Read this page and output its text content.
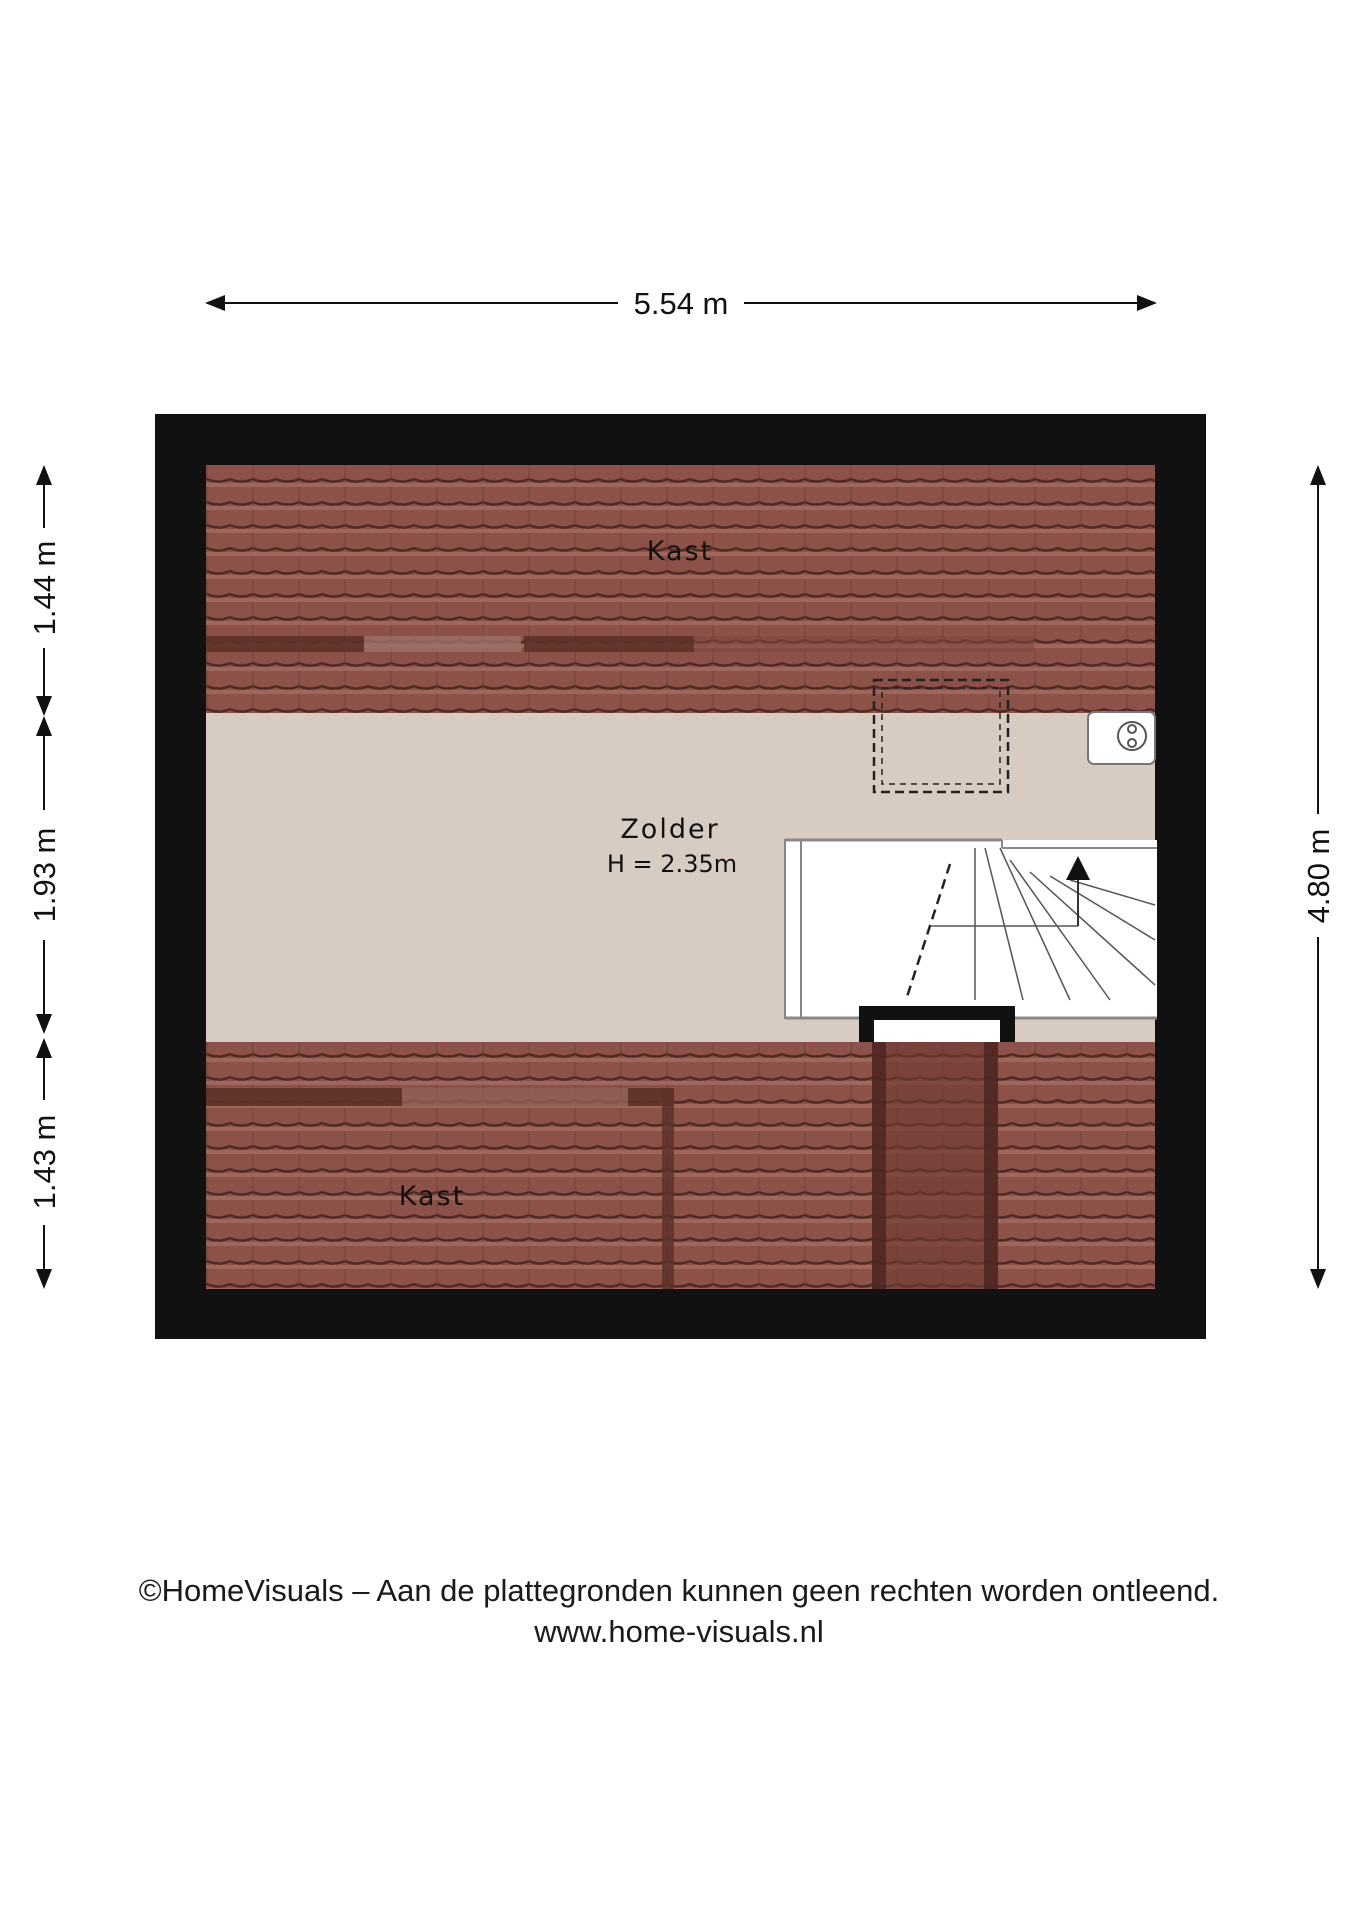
5.54 m
4.80 m
1.44 m
1.93 m
1.43 m
Kast
Zolder
H = 2.35m
Kast
©HomeVisuals – Aan de plattegronden kunnen geen rechten worden ontleend.
www.home-visuals.nl
